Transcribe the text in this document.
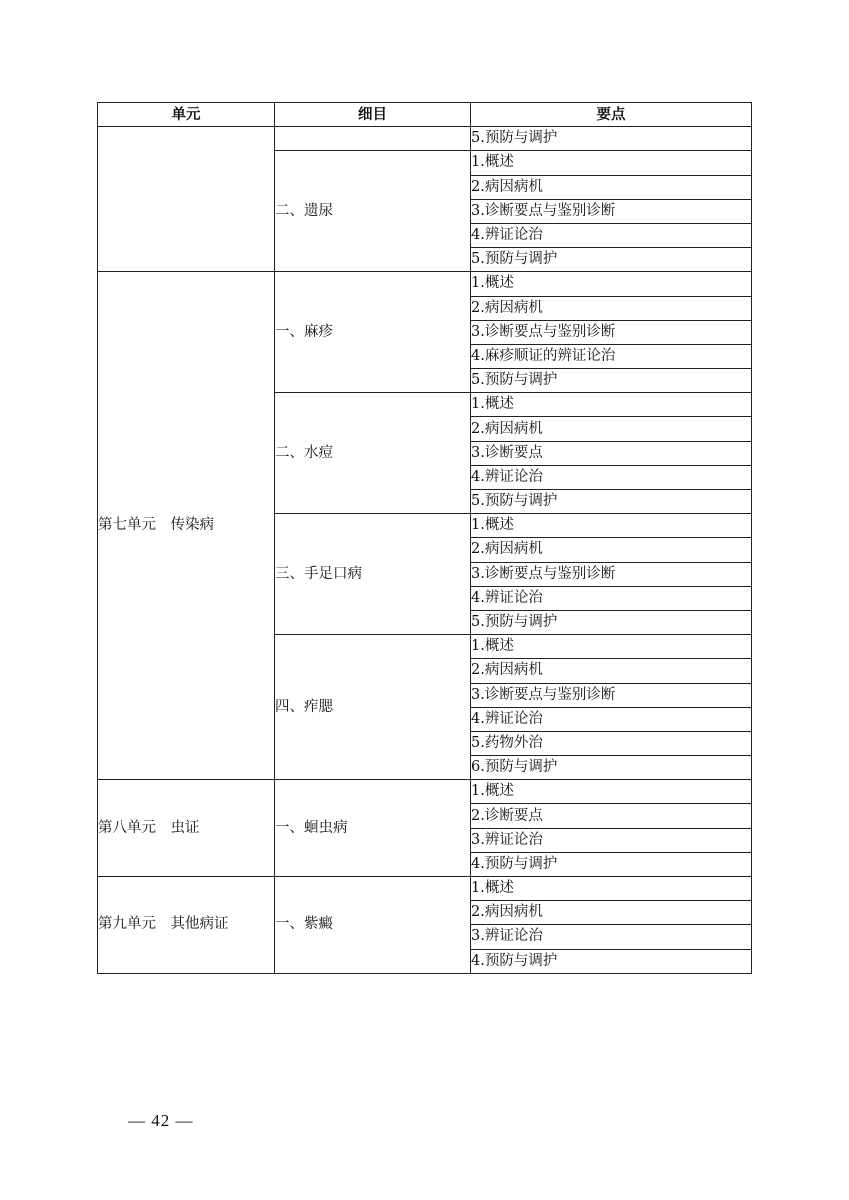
单元	细目	要点
		5.预防与调护
	二、遗尿	1.概述
		2.病因病机
		3.诊断要点与鉴别诊断
		4.辨证论治
		5.预防与调护
第七单元　传染病	一、麻疹	1.概述
		2.病因病机
		3.诊断要点与鉴别诊断
		4.麻疹顺证的辨证论治
		5.预防与调护
	二、水痘	1.概述
		2.病因病机
		3.诊断要点
		4.辨证论治
		5.预防与调护
	三、手足口病	1.概述
		2.病因病机
		3.诊断要点与鉴别诊断
		4.辨证论治
		5.预防与调护
	四、痄腮	1.概述
		2.病因病机
		3.诊断要点与鉴别诊断
		4.辨证论治
		5.药物外治
		6.预防与调护
第八单元　虫证	一、蛔虫病	1.概述
		2.诊断要点
		3.辨证论治
		4.预防与调护
第九单元　其他病证	一、紫癜	1.概述
		2.病因病机
		3.辨证论治
		4.预防与调护
— 42 —
